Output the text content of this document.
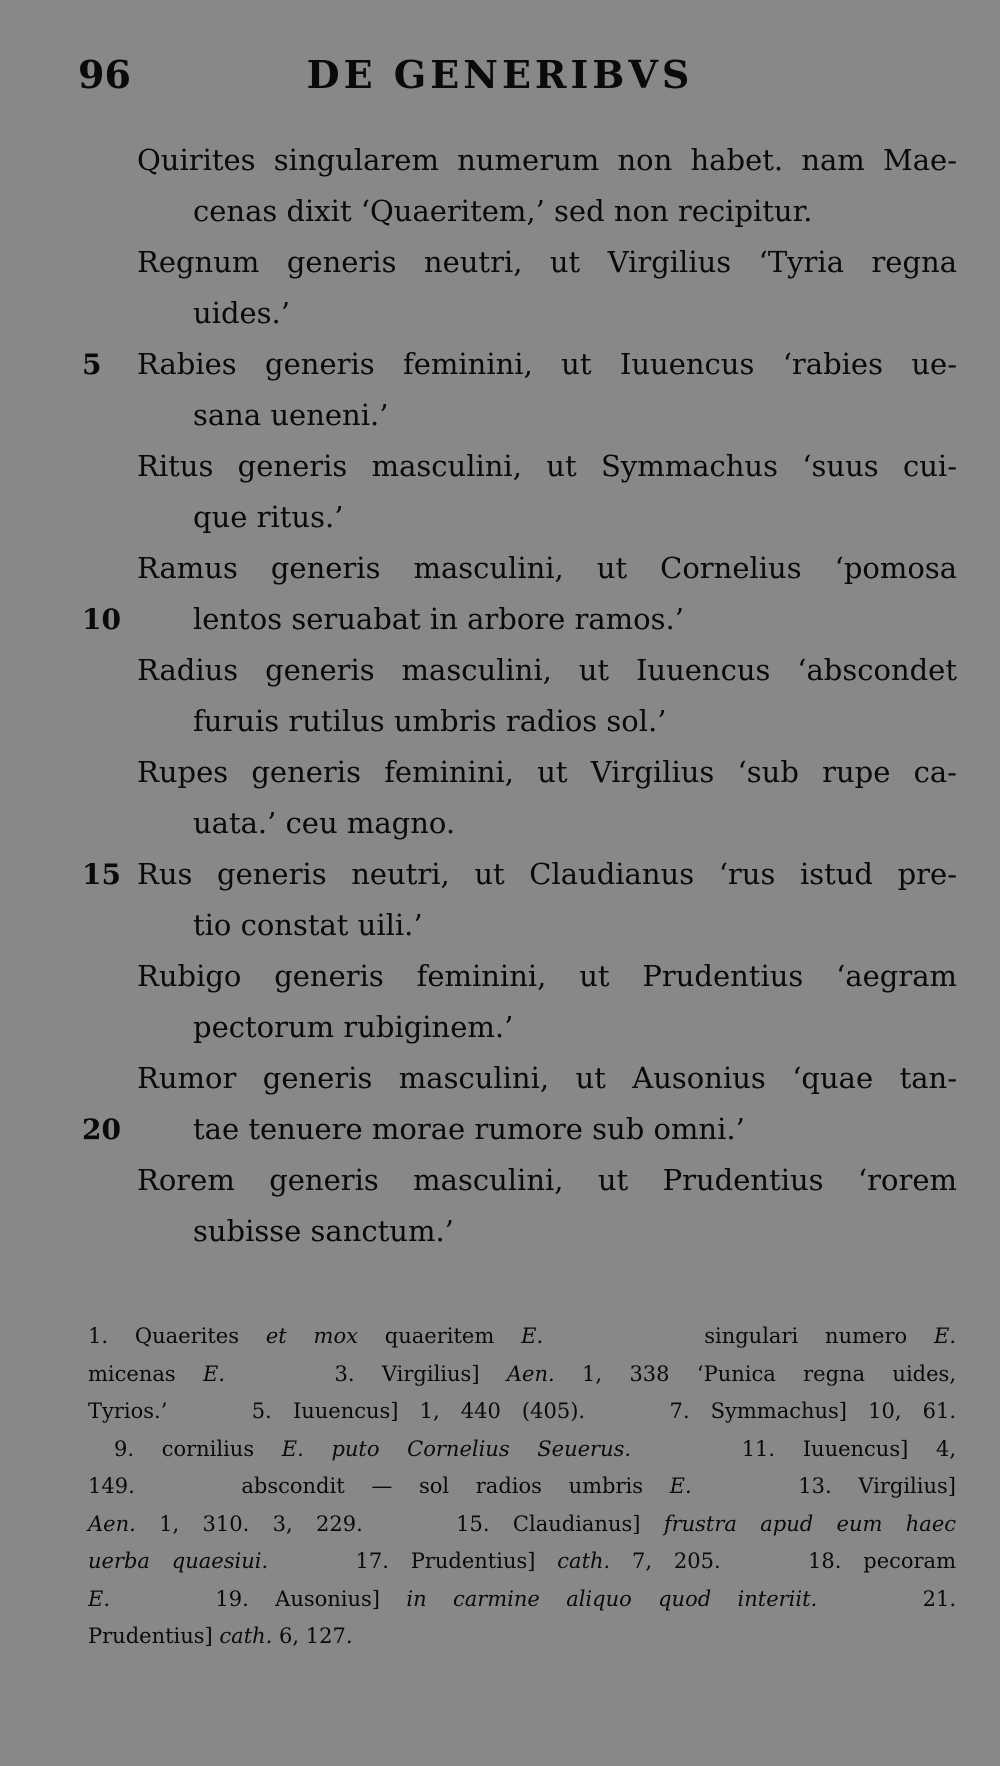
96	DE GENERIBVS
Quirites singularem numerum non habet. nam Mae-
cenas dixit ‘Quaeritem,’ sed non recipitur.
Regnum generis neutri, ut Virgilius ‘Tyria regna
uides.’
5 Rabies generis feminini, ut Iuuencus ‘rabies ue-
sana ueneni.’
Ritus generis masculini, ut Symmachus ‘suus cui-
que ritus.’
Ramus generis masculini, ut Cornelius ‘pomosa
10 lentos seruabat in arbore ramos.’
Radius generis masculini, ut Iuuencus ‘abscondet
furuis rutilus umbris radios sol.’
Rupes generis feminini, ut Virgilius ‘sub rupe ca-
uata.’ ceu magno.
15 Rus generis neutri, ut Claudianus ‘rus istud pre-
tio constat uili.’
Rubigo generis feminini, ut Prudentius ‘aegram
pectorum rubiginem.’
Rumor generis masculini, ut Ausonius ‘quae tan-
20 tae tenuere morae rumore sub omni.’
Rorem generis masculini, ut Prudentius ‘rorem
subisse sanctum.’
1. Quaerites et mox quaeritem E.      singulari numero E.
micenas E.    3. Virgilius] Aen. 1, 338 ‘Punica regna uides,
Tyrios.’    5. Iuuencus] 1, 440 (405).    7. Symmachus] 10, 61.
9. cornilius E. puto Cornelius Seuerus.    11. Iuuencus] 4,
149.    abscondit — sol radios umbris E.    13. Virgilius]
Aen. 1, 310. 3, 229.    15. Claudianus] frustra apud eum haec
uerba quaesiui.    17. Prudentius] cath. 7, 205.    18. pecoram
E.    19. Ausonius] in carmine aliquo quod interiit.    21.
Prudentius] cath. 6, 127.
